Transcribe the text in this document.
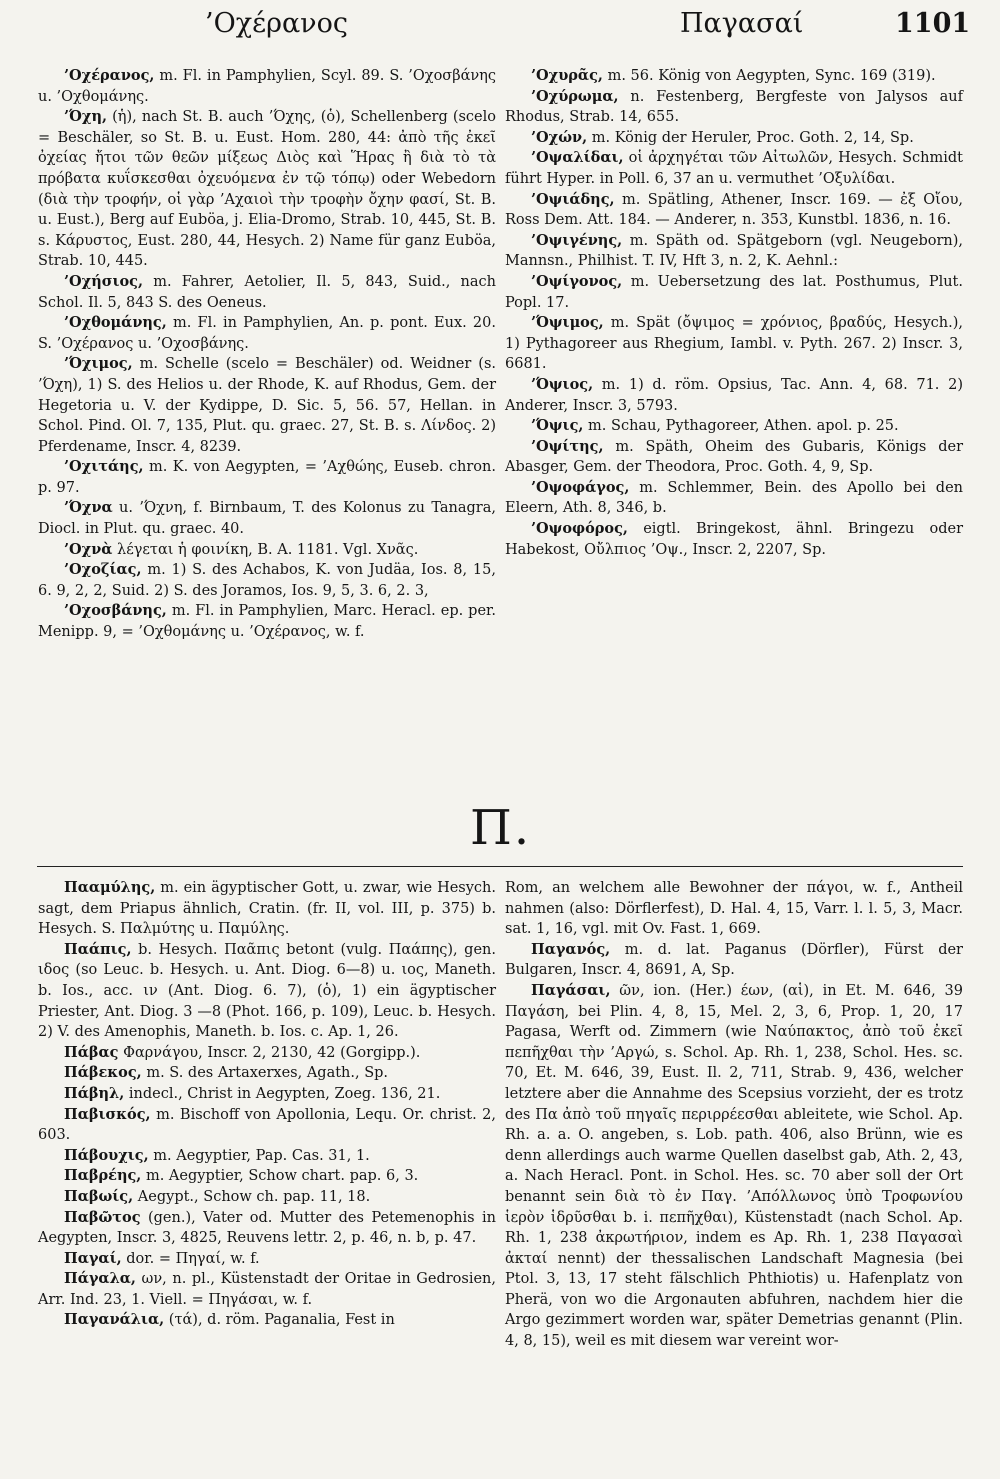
’Οχέρανος	Παγασαί	1101

’Οχέρανος, m. Fl. in Pamphylien, Scyl. 89. S. ’Οχοσβάνης u. ’Οχθομάνης.

’Όχη, (ἡ), nach St. B. auch ’Όχης, (ὁ), Schellenberg (scelo = Beschäler, so St. B. u. Eust. Hom. 280, 44: ἀπὸ τῆς ἐκεῖ ὀχείας ἤτοι τῶν θεῶν μίξεως Διὸς καὶ Ἥρας ἢ διὰ τὸ τὰ πρόβατα κυΐσκεσθαι ὀχευόμενα ἐν τῷ τόπῳ) oder Webedorn (διὰ τὴν τροφήν, οἱ γὰρ ’Αχαιοὶ τὴν τροφὴν ὄχην φασί, St. B. u. Eust.), Berg auf Euböa, j. Elia-Dromo, Strab. 10, 445, St. B. s. Κάρυστος, Eust. 280, 44, Hesych. 2) Name für ganz Euböa, Strab. 10, 445.

’Οχήσιος, m. Fahrer, Aetolier, Il. 5, 843, Suid., nach Schol. Il. 5, 843 S. des Oeneus.

’Οχθομάνης, m. Fl. in Pamphylien, An. p. pont. Eux. 20. S. ’Οχέρανος u. ’Οχοσβάνης.

’Όχιμος, m. Schelle (scelo = Beschäler) od. Weidner (s. ’Όχη), 1) S. des Helios u. der Rhode, K. auf Rhodus, Gem. der Hegetoria u. V. der Kydippe, D. Sic. 5, 56. 57, Hellan. in Schol. Pind. Ol. 7, 135, Plut. qu. graec. 27, St. B. s. Λίνδος. 2) Pferdename, Inscr. 4, 8239.

’Οχιτάης, m. K. von Aegypten, = ’Αχθώης, Euseb. chron. p. 97.

’Όχνα u. ’Όχνη, f. Birnbaum, T. des Kolonus zu Tanagra, Diocl. in Plut. qu. graec. 40.

’Οχνὰ λέγεται ἡ φοινίκη, B. A. 1181. Vgl. Χνᾶς.

’Οχοζίας, m. 1) S. des Achabos, K. von Judäa, Ios. 8, 15, 6. 9, 2, 2, Suid. 2) S. des Joramos, Ios. 9, 5, 3. 6, 2. 3,

’Οχοσβάνης, m. Fl. in Pamphylien, Marc. Heracl. ep. per. Menipp. 9, = ’Οχθομάνης u. ’Οχέρανος, w. f.

’Οχυρᾶς, m. 56. König von Aegypten, Sync. 169 (319).

’Οχύρωμα, n. Festenberg, Bergfeste von Jalysos auf Rhodus, Strab. 14, 655.

’Οχών, m. König der Heruler, Proc. Goth. 2, 14, Sp.

’Οψαλίδαι, οἱ ἀρχηγέται τῶν Αἰτωλῶν, Hesych. Schmidt führt Hyper. in Poll. 6, 37 an u. vermuthet ’Οξυλίδαι.

’Οψιάδης, m. Spätling, Athener, Inscr. 169. — ἐξ Οἴου, Ross Dem. Att. 184. — Anderer, n. 353, Kunstbl. 1836, n. 16.

’Οψιγένης, m. Späth od. Spätgeborn (vgl. Neugeborn), Mannsn., Philhist. T. IV, Hft 3, n. 2, K. Aehnl.:

’Οψίγονος, m. Uebersetzung des lat. Posthumus, Plut. Popl. 17.

’Όψιμος, m. Spät (ὄψιμος = χρόνιος, βραδύς, Hesych.), 1) Pythagoreer aus Rhegium, Iambl. v. Pyth. 267. 2) Inscr. 3, 6681.

’Όψιος, m. 1) d. röm. Opsius, Tac. Ann. 4, 68. 71. 2) Anderer, Inscr. 3, 5793.

’Όψις, m. Schau, Pythagoreer, Athen. apol. p. 25.

’Οψίτης, m. Späth, Oheim des Gubaris, Königs der Abasger, Gem. der Theodora, Proc. Goth. 4, 9, Sp.

’Οψοφάγος, m. Schlemmer, Bein. des Apollo bei den Eleern, Ath. 8, 346, b.

’Οψοφόρος, eigtl. Bringekost, ähnl. Bringezu oder Habekost, Οὔλπιος ’Οψ., Inscr. 2, 2207, Sp.

Π.

Πααμύλης, m. ein ägyptischer Gott, u. zwar, wie Hesych. sagt, dem Priapus ähnlich, Cratin. (fr. II, vol. III, p. 375) b. Hesych. S. Παλμύτης u. Παμύλης.

Παάπις, b. Hesych. Παᾶπις betont (vulg. Παάπης), gen. ιδος (so Leuc. b. Hesych. u. Ant. Diog. 6—8) u. ιος, Maneth. b. Ios., acc. ιν (Ant. Diog. 6. 7), (ὁ), 1) ein ägyptischer Priester, Ant. Diog. 3 —8 (Phot. 166, p. 109), Leuc. b. Hesych. 2) V. des Amenophis, Maneth. b. Ios. c. Ap. 1, 26.

Πάβας Φαρνάγου, Inscr. 2, 2130, 42 (Gorgipp.).

Πάβεκος, m. S. des Artaxerxes, Agath., Sp.

Πάβηλ, indecl., Christ in Aegypten, Zoeg. 136, 21.

Παβισκός, m. Bischoff von Apollonia, Lequ. Or. christ. 2, 603.

Πάβουχις, m. Aegyptier, Pap. Cas. 31, 1.

Παβρέης, m. Aegyptier, Schow chart. pap. 6, 3.

Παβωίς, Aegypt., Schow ch. pap. 11, 18.

Παβῶτος (gen.), Vater od. Mutter des Petemenophis in Aegypten, Inscr. 3, 4825, Reuvens lettr. 2, p. 46, n. b, p. 47.

Παγαί, dor. = Πηγαί, w. f.

Πάγαλα, ων, n. pl., Küstenstadt der Oritae in Gedrosien, Arr. Ind. 23, 1. Viell. = Πηγάσαι, w. f.

Παγανάλια, (τά), d. röm. Paganalia, Fest in

Rom, an welchem alle Bewohner der πάγοι, w. f., Antheil nahmen (also: Dörflerfest), D. Hal. 4, 15, Varr. l. l. 5, 3, Macr. sat. 1, 16, vgl. mit Ov. Fast. 1, 669.

Παγανός, m. d. lat. Paganus (Dörfler), Fürst der Bulgaren, Inscr. 4, 8691, A, Sp.

Παγάσαι, ῶν, ion. (Her.) έων, (αἱ), in Et. M. 646, 39 Παγάση, bei Plin. 4, 8, 15, Mel. 2, 3, 6, Prop. 1, 20, 17 Pagasa, Werft od. Zimmern (wie Ναύπακτος, ἀπὸ τοῦ ἐκεῖ πεπῆχθαι τὴν ’Αργώ, s. Schol. Ap. Rh. 1, 238, Schol. Hes. sc. 70, Et. M. 646, 39, Eust. Il. 2, 711, Strab. 9, 436, welcher letztere aber die Annahme des Scepsius vorzieht, der es trotz des Πα ἀπὸ τοῦ πηγαῖς περιρρέεσθαι ableitete, wie Schol. Ap. Rh. a. a. O. angeben, s. Lob. path. 406, also Brünn, wie es denn allerdings auch warme Quellen daselbst gab, Ath. 2, 43, a. Nach Heracl. Pont. in Schol. Hes. sc. 70 aber soll der Ort benannt sein διὰ τὸ ἐν Παγ. ’Απόλλωνος ὑπὸ Τροφωνίου ἱερὸν ἱδρῦσθαι b. i. πεπῆχθαι), Küstenstadt (nach Schol. Ap. Rh. 1, 238 ἀκρωτήριον, indem es Ap. Rh. 1, 238 Παγασαὶ ἀκταί nennt) der thessalischen Landschaft Magnesia (bei Ptol. 3, 13, 17 steht fälschlich Phthiotis) u. Hafenplatz von Pherä, von wo die Argonauten abfuhren, nachdem hier die Argo gezimmert worden war, später Demetrias genannt (Plin. 4, 8, 15), weil es mit diesem war vereint wor-
